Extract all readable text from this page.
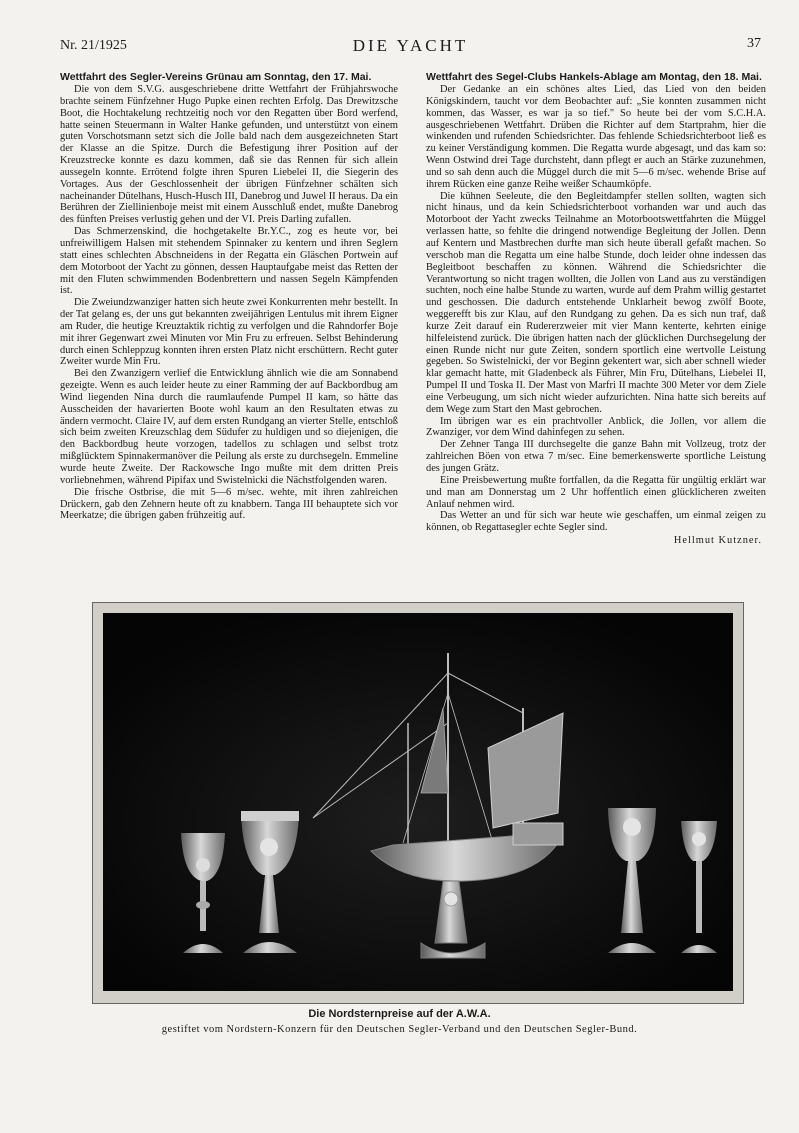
Nr. 21/1925	DIE YACHT	37
Wettfahrt des Segler-Vereins Grünau am Sonntag, den 17. Mai.

Die von dem S.V.G. ausgeschriebene dritte Wettfahrt der Frühjahrswoche brachte seinem Fünfzehner Hugo Pupke einen rechten Erfolg. Das Drewitzsche Boot, die Hochtakelung rechtzeitig noch vor den Regatten über Bord werfend, hatte seinen Steuermann in Walter Hanke gefunden, und unterstützt von einem guten Vorschotsmann setzt sich die Jolle bald nach dem ausgezeichneten Start der Klasse an die Spitze. Durch die Befestigung ihrer Position auf der Kreuzstrecke konnte es dazu kommen, daß sie das Rennen für sich allein aussegeln konnte. Errötend folgte ihren Spuren Liebelei II, die Siegerin des Vortages. Aus der Geschlossenheit der übrigen Fünfzehner schälten sich nacheinander Dütelhans, Husch-Husch III, Danebrog und Juwel II heraus. Da ein Berühren der Ziellinienboje meist mit einem Ausschluß endet, mußte Danebrog des fünften Preises verlustig gehen und der VI. Preis Darling zufallen.

Das Schmerzenskind, die hochgetakelte Br.Y.C., zog es heute vor, bei unfreiwilligem Halsen mit stehendem Spinnaker zu kentern und ihren Seglern statt eines schlechten Abschneidens in der Regatta ein Gläschen Portwein auf dem Motorboot der Yacht zu gönnen, dessen Hauptaufgabe meist das Retten der mit den Fluten schwimmenden Bodenbrettern und nassen Segeln Kämpfenden ist.

Die Zweiundzwanziger hatten sich heute zwei Konkurrenten mehr bestellt. In der Tat gelang es, der uns gut bekannten zweijährigen Lentulus mit ihrem Eigner am Ruder, die heutige Kreuztaktik richtig zu verfolgen und die Rahndorfer Boje mit ihrer Gegenwart zwei Minuten vor Min Fru zu erfreuen. Selbst Behinderung durch einen Schleppzug konnten ihren ersten Platz nicht erschüttern. Recht guter Zweiter wurde Min Fru.

Bei den Zwanzigern verlief die Entwicklung ähnlich wie die am Sonnabend gezeigte. Wenn es auch leider heute zu einer Ramming der auf Backbordbug am Wind liegenden Nina durch die raumlaufende Pumpel II kam, so hätte das Ausscheiden der havarierten Boote wohl kaum an den Resultaten etwas zu ändern vermocht. Claire IV, auf dem ersten Rundgang an vierter Stelle, entschloß sich beim zweiten Kreuzschlag dem Südufer zu huldigen und so diejenigen, die den Backbordbug heute vorzogen, tadellos zu schlagen und selbst trotz mißglücktem Spinnakermanöver die Peilung als erste zu durchsegeln. Emmeline wurde heute Zweite. Der Rackowsche Ingo mußte mit dem dritten Preis vorliebnehmen, während Pipifax und Swistelnicki die Nächstfolgenden waren.

Die frische Ostbrise, die mit 5—6 m/sec. wehte, mit ihren zahlreichen Drückern, gab den Zehnern heute oft zu knabbern. Tanga III behauptete sich vor Meerkatze; die übrigen gaben frühzeitig auf.

Wettfahrt des Segel-Clubs Hankels-Ablage am Montag, den 18. Mai.

Der Gedanke an ein schönes altes Lied, das Lied von den beiden Königskindern, taucht vor dem Beobachter auf: „Sie konnten zusammen nicht kommen, das Wasser, es war ja so tief." So heute bei der vom S.C.H.A. ausgeschriebenen Wettfahrt. Drüben die Richter auf dem Startprahm, hier die winkenden und rufenden Schiedsrichter. Das fehlende Schiedsrichterboot ließ es zu keiner Verständigung kommen. Die Regatta wurde abgesagt, und das kam so: Wenn Ostwind drei Tage durchsteht, dann pflegt er auch an Stärke zuzunehmen, und so sah denn auch die Müggel durch die mit 5—6 m/sec. wehende Brise auf ihrem Rücken eine ganze Reihe weißer Schaumköpfe.

Die kühnen Seeleute, die den Begleitdampfer stellen sollten, wagten sich nicht hinaus, und da kein Schiedsrichterboot vorhanden war und auch das Motorboot der Yacht zwecks Teilnahme an Motorbootswettfahrten die Müggel verlassen hatte, so fehlte die dringend notwendige Begleitung der Jollen. Denn auf Kentern und Mastbrechen durfte man sich heute überall gefaßt machen. So verschob man die Regatta um eine halbe Stunde, doch leider ohne indessen das Begleitboot beschaffen zu können. Während die Schiedsrichter die Verantwortung so nicht tragen wollten, die Jollen von Land aus zu verständigen suchten, noch eine halbe Stunde zu warten, wurde auf dem Prahm willig gestartet und geschossen. Die dadurch entstehende Unklarheit bewog zwölf Boote, weggerefft bis zur Klau, auf den Rundgang zu gehen. Da es sich nun traf, daß kurze Zeit darauf ein Rudererzweier mit vier Mann kenterte, kehrten einige hilfeleistend zurück. Die übrigen hatten nach der glücklichen Durchsegelung der einen Runde nicht nur gute Zeiten, sondern sportlich eine wertvolle Leistung gegeben. So Swistelnicki, der vor Beginn gekentert war, sich aber schnell wieder klar gemacht hatte, mit Gladenbeck als Führer, Min Fru, Dütelhans, Liebelei II, Pumpel II und Toska II. Der Mast von Marfri II machte 300 Meter vor dem Ziele eine Verbeugung, um sich nicht wieder aufzurichten. Nina hatte sich bereits auf dem Wege zum Start den Mast gebrochen.

Im übrigen war es ein prachtvoller Anblick, die Jollen, vor allem die Zwanziger, vor dem Wind dahinfegen zu sehen.

Der Zehner Tanga III durchsegelte die ganze Bahn mit Vollzeug, trotz der zahlreichen Böen von etwa 7 m/sec. Eine bemerkenswerte sportliche Leistung des jungen Grätz.

Eine Preisbewertung mußte fortfallen, da die Regatta für ungültig erklärt war und man am Donnerstag um 2 Uhr hoffentlich einen glücklicheren zweiten Anlauf nehmen wird.

Das Wetter an und für sich war heute wie geschaffen, um einmal zeigen zu können, ob Regattasegler echte Segler sind.

Hellmut Kutzner.
Die Nordsternpreise auf der A.W.A.
gestiftet vom Nordstern-Konzern für den Deutschen Segler-Verband und den Deutschen Segler-Bund.
